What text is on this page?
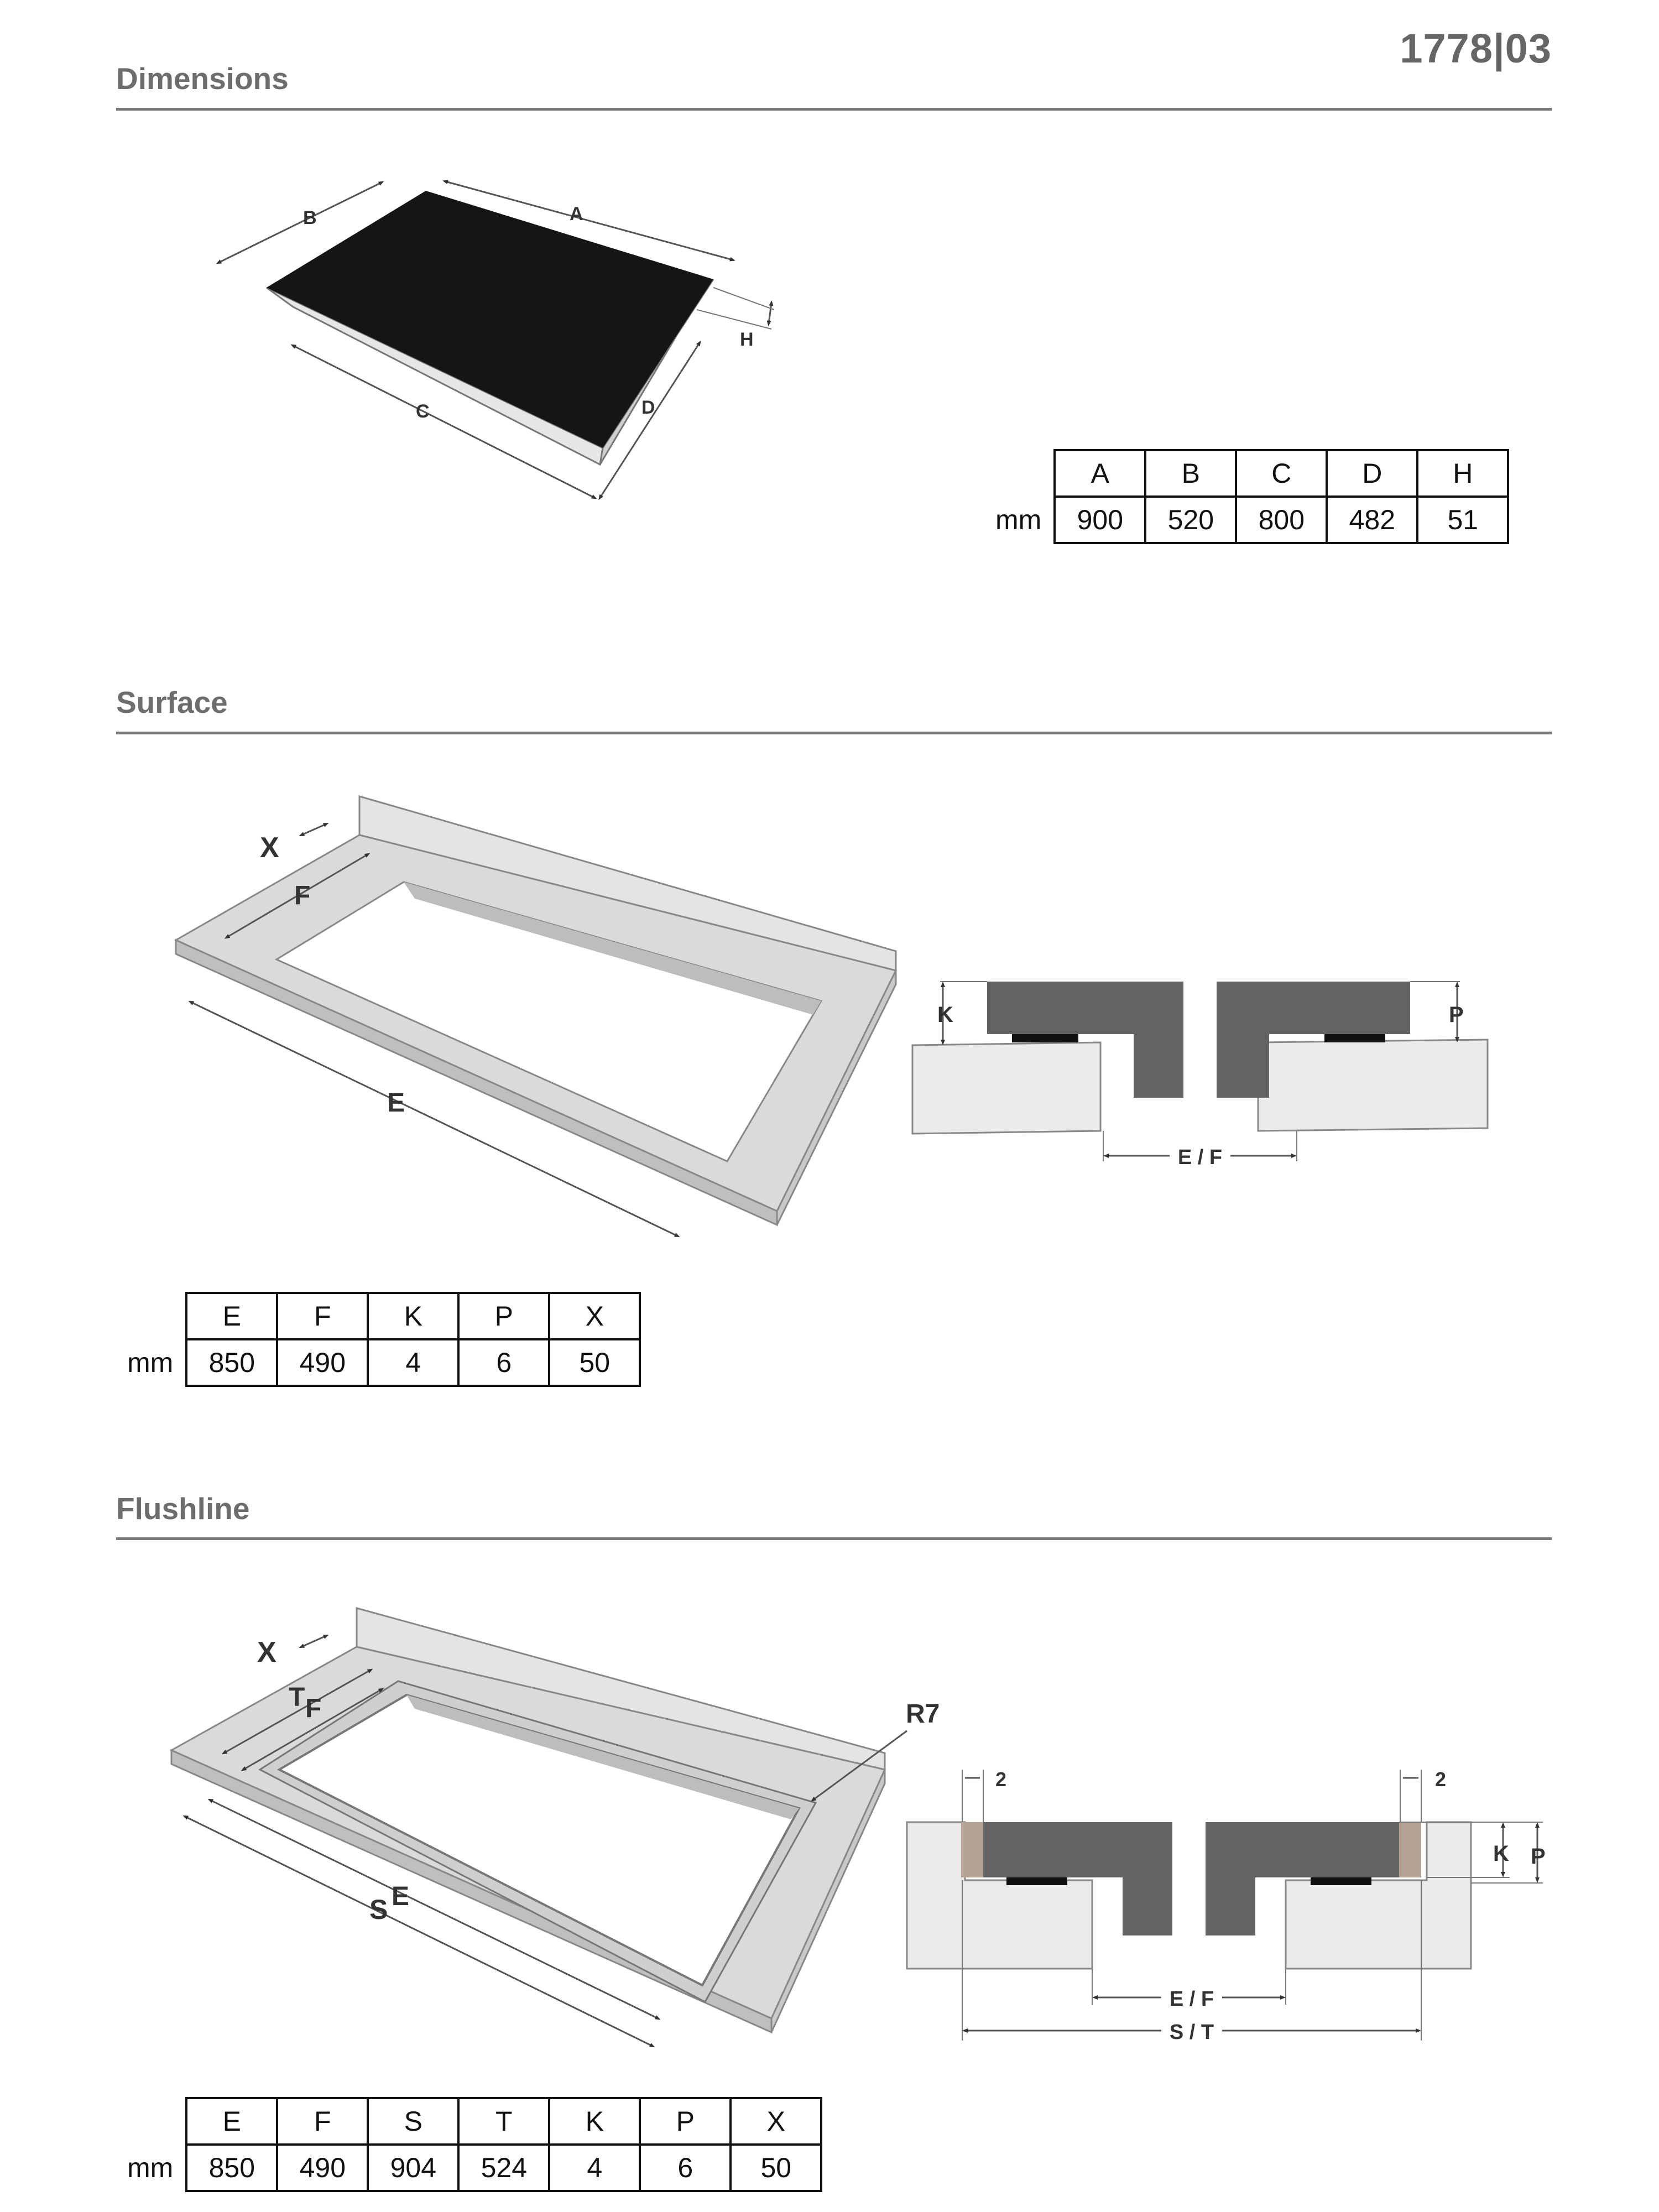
1778|03
Dimensions
Surface
Flushline
A
B
C	D
H
X
F
E
K	P
E / F
X
T F
S E
R7
2	2
K P
E / F
S / T
	A	B	C	D	H
mm	900	520	800	482	51
	E	F	K	P	X
mm	850	490	4	6	50
	E	F	S	T	K	P	X
mm	850	490	904	524	4	6	50
